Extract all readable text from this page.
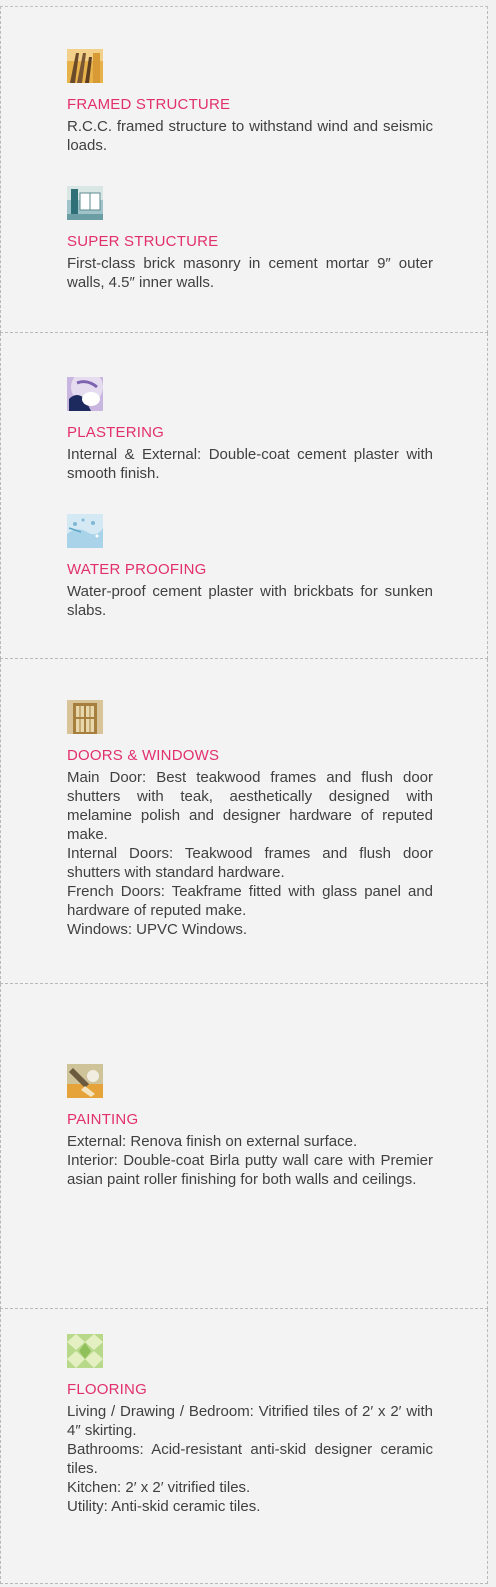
FRAMED STRUCTURE
R.C.C. framed structure to withstand wind and seismic loads.
SUPER STRUCTURE
First-class brick masonry in cement mortar 9″ outer walls, 4.5″ inner walls.
PLASTERING
Internal & External: Double-coat cement plaster with smooth finish.
WATER PROOFING
Water-proof cement plaster with brickbats for sunken slabs.
DOORS & WINDOWS
Main Door: Best teakwood frames and flush door shutters with teak, aesthetically designed with melamine polish and designer hardware of reputed make.
Internal Doors: Teakwood frames and flush door shutters with standard hardware.
French Doors: Teakframe fitted with glass panel and hardware of reputed make.
Windows: UPVC Windows.
PAINTING
External: Renova finish on external surface.
Interior: Double-coat Birla putty wall care with Premier asian paint roller finishing for both walls and ceilings.
FLOORING
Living / Drawing / Bedroom: Vitrified tiles of 2′ x 2′ with 4″ skirting.
Bathrooms: Acid-resistant anti-skid designer ceramic tiles.
Kitchen: 2′ x 2′ vitrified tiles.
Utility: Anti-skid ceramic tiles.
